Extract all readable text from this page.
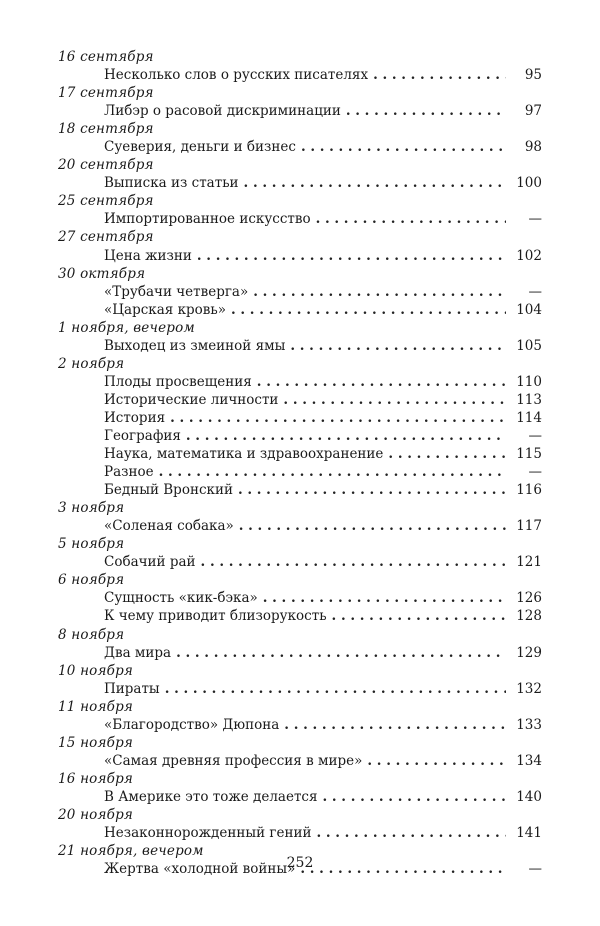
16 сентября
Несколько слов о русских писателях . . .	95
17 сентября
Либэр о расовой дискриминации . . .	97
18 сентября
Суеверия, деньги и бизнес . . .	98
20 сентября
Выписка из статьи . . .	100
25 сентября
Импортированное искусство . . .	—
27 сентября
Цена жизни . . .	102
30 октября
«Трубачи четверга» . . .	—
«Царская кровь» . . .	104
1 ноября, вечером
Выходец из змеиной ямы . . .	105
2 ноября
Плоды просвещения . . .	110
Исторические личности . . .	113
История . . .	114
География . . .	—
Наука, математика и здравоохранение . . .	115
Разное . . .	—
Бедный Вронский . . .	116
3 ноября
«Соленая собака» . . .	117
5 ноября
Собачий рай . . .	121
6 ноября
Сущность «кик-бэка» . . .	126
К чему приводит близорукость . . .	128
8 ноября
Два мира . . .	129
10 ноября
Пираты . . .	132
11 ноября
«Благородство» Дюпона . . .	133
15 ноября
«Самая древняя профессия в мире» . . .	134
16 ноября
В Америке это тоже делается . . .	140
20 ноября
Незаконнорожденный гений . . .	141
21 ноября, вечером
Жертва «холодной войны» . . .	—
252
